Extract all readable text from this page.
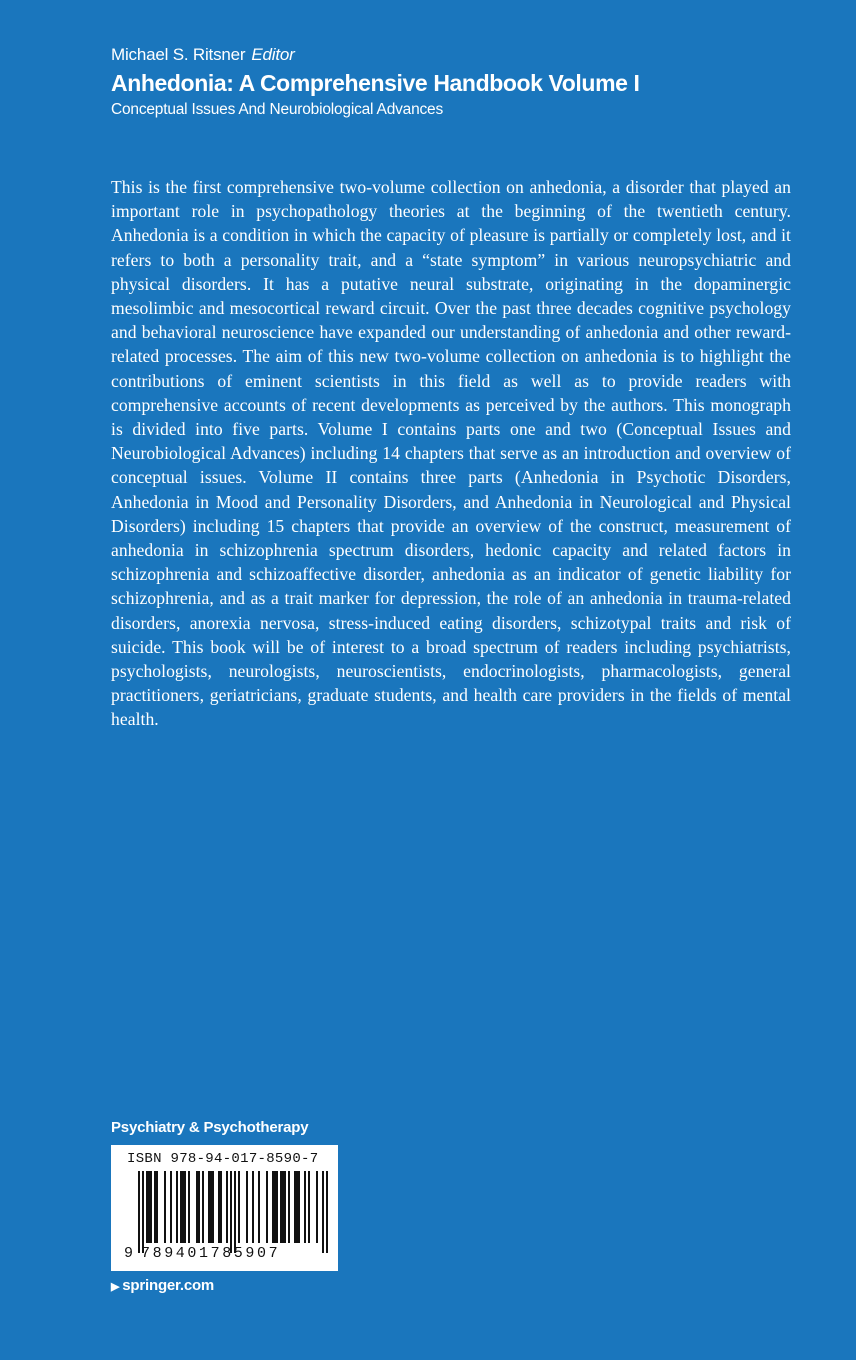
Michael S. Ritsner Editor
Anhedonia: A Comprehensive Handbook Volume I
Conceptual Issues And Neurobiological Advances

This is the first comprehensive two-volume collection on anhedonia, a disorder that played an important role in psychopathology theories at the beginning of the twentieth century. Anhedonia is a condition in which the capacity of pleasure is partially or completely lost, and it refers to both a personality trait, and a “state symptom” in various neuropsychiatric and physical disorders. It has a putative neural substrate, originating in the dopaminergic mesolimbic and mesocortical reward circuit. Over the past three decades cognitive psychology and behavioral neuroscience have expanded our understanding of anhedonia and other reward-related processes. The aim of this new two-volume collection on anhedonia is to highlight the contributions of eminent scientists in this field as well as to provide readers with comprehensive accounts of recent developments as perceived by the authors. This monograph is divided into five parts. Volume I contains parts one and two (Conceptual Issues and Neurobiological Advances) including 14 chapters that serve as an introduction and overview of conceptual issues. Volume II contains three parts (Anhedonia in Psychotic Disorders, Anhedonia in Mood and Personality Disorders, and Anhedonia in Neurological and Physical Disorders) including 15 chapters that provide an overview of the construct, measurement of anhedonia in schizophrenia spectrum disorders, hedonic capacity and related factors in schizophrenia and schizoaffective disorder, anhedonia as an indicator of genetic liability for schizophrenia, and as a trait marker for depression, the role of an anhedonia in trauma-related disorders, anorexia nervosa, stress-induced eating disorders, schizotypal traits and risk of suicide. This book will be of interest to a broad spectrum of readers including psychiatrists, psychologists, neurologists, neuroscientists, endocrinologists, pharmacologists, general practitioners, geriatricians, graduate students, and health care providers in the fields of mental health.

Psychiatry & Psychotherapy
ISBN 978-94-017-8590-7
9 789401785907
▶ springer.com
